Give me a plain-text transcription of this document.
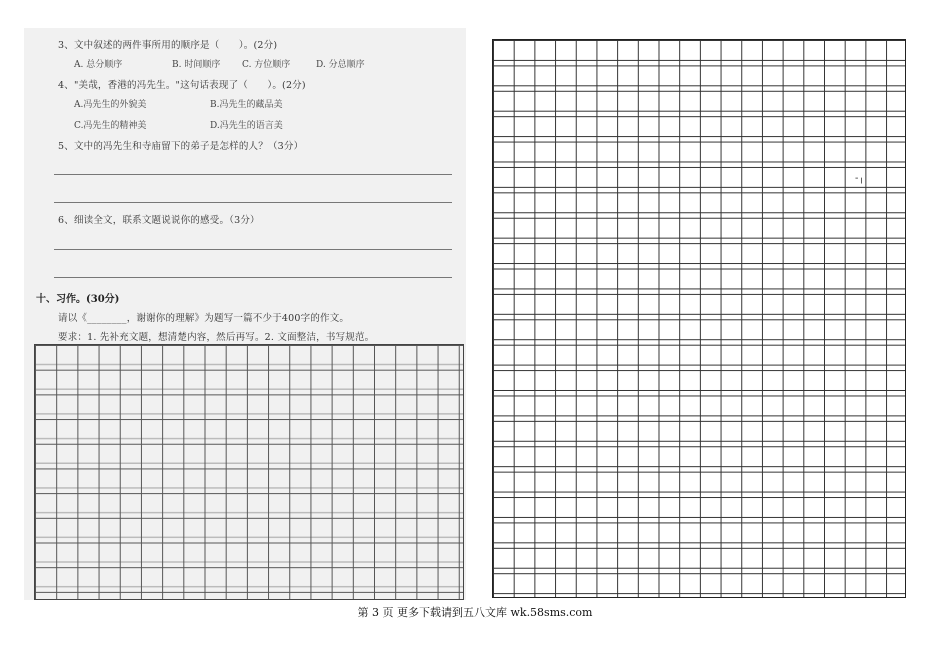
3、文中叙述的两件事所用的顺序是（　　）。(2分)
A. 总分顺序	B. 时间顺序 C. 方位顺序	D. 分总顺序
4、"美哉，香港的冯先生。"这句话表现了（　　）。(2分)
A.冯先生的外貌美	B.冯先生的藏品美
C.冯先生的精神美	D.冯先生的语言美
5、文中的冯先生和寺庙留下的弟子是怎样的人？（3分）
6、细读全文，联系文题说说你的感受。（3分）
十、习作。(30分)
请以《________，谢谢你的理解》为题写一篇不少于400字的作文。
要求：1. 先补充文题，想清楚内容，然后再写。2. 文面整洁，书写规范。
-╷
第 3 页 更多下载请到五八文库 wk.58sms.com
